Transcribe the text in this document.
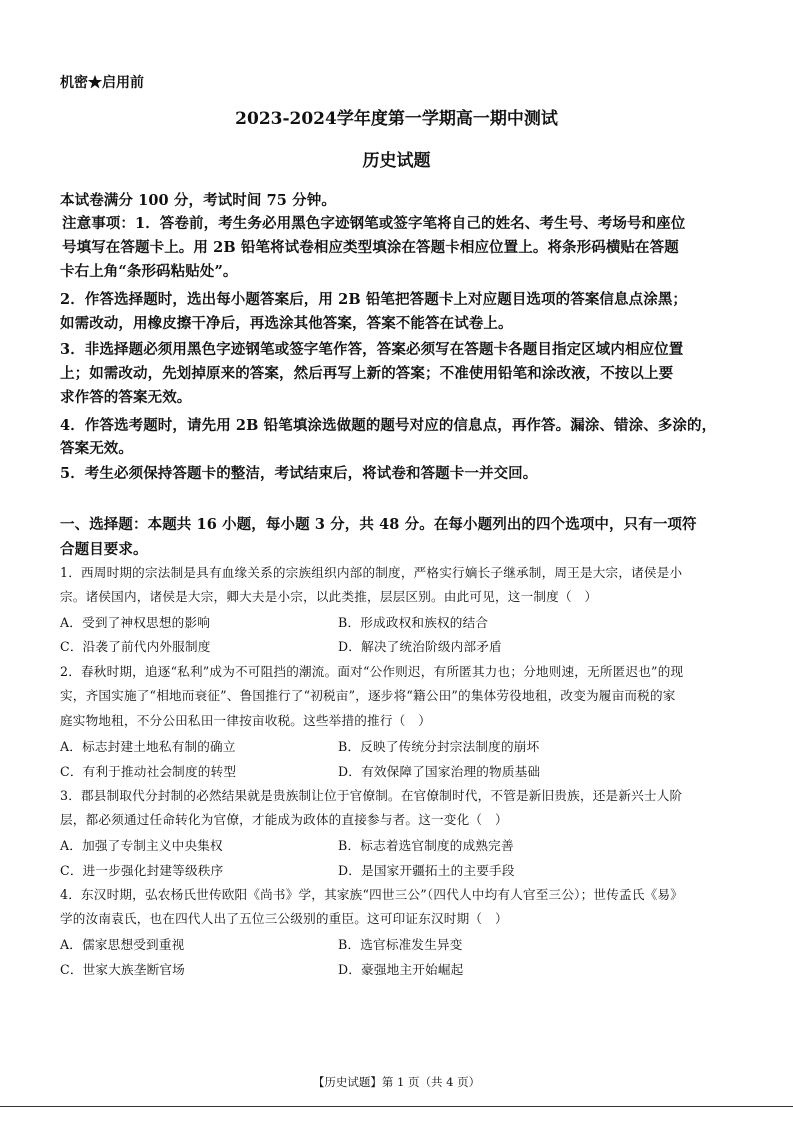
机密★启用前
2023-2024学年度第一学期高一期中测试
历史试题
本试卷满分 100 分，考试时间 75 分钟。
注意事项：1．答卷前，考生务必用黑色字迹钢笔或签字笔将自己的姓名、考生号、考场号和座位
号填写在答题卡上。用 2B 铅笔将试卷相应类型填涂在答题卡相应位置上。将条形码横贴在答题
卡右上角“条形码粘贴处”。
2．作答选择题时，选出每小题答案后，用 2B 铅笔把答题卡上对应题目选项的答案信息点涂黑；
如需改动，用橡皮擦干净后，再选涂其他答案，答案不能答在试卷上。
3．非选择题必须用黑色字迹钢笔或签字笔作答，答案必须写在答题卡各题目指定区域内相应位置
上；如需改动，先划掉原来的答案，然后再写上新的答案；不准使用铅笔和涂改液，不按以上要
求作答的答案无效。
4．作答选考题时，请先用 2B 铅笔填涂选做题的题号对应的信息点，再作答。漏涂、错涂、多涂的，
答案无效。
5．考生必须保持答题卡的整洁，考试结束后，将试卷和答题卡一并交回。
一、选择题：本题共 16 小题，每小题 3 分，共 48 分。在每小题列出的四个选项中，只有一项符
合题目要求。
1．西周时期的宗法制是具有血缘关系的宗族组织内部的制度，严格实行嫡长子继承制，周王是大宗，诸侯是小
宗。诸侯国内，诸侯是大宗，卿大夫是小宗，以此类推，层层区别。由此可见，这一制度（　）
A．受到了神权思想的影响	B．形成政权和族权的结合
C．沿袭了前代内外服制度	D．解决了统治阶级内部矛盾
2．春秋时期，追逐“私利”成为不可阻挡的潮流。面对“公作则迟，有所匿其力也；分地则速，无所匿迟也”的现
实，齐国实施了“相地而衰征”、鲁国推行了“初税亩”，逐步将“籍公田”的集体劳役地租，改变为履亩而税的家
庭实物地租，不分公田私田一律按亩收税。这些举措的推行（　）
A．标志封建土地私有制的确立	B．反映了传统分封宗法制度的崩坏
C．有利于推动社会制度的转型	D．有效保障了国家治理的物质基础
3．郡县制取代分封制的必然结果就是贵族制让位于官僚制。在官僚制时代，不管是新旧贵族，还是新兴士人阶
层，都必须通过任命转化为官僚，才能成为政体的直接参与者。这一变化（　）
A．加强了专制主义中央集权	B．标志着选官制度的成熟完善
C．进一步强化封建等级秩序	D．是国家开疆拓土的主要手段
4．东汉时期，弘农杨氏世传欧阳《尚书》学，其家族“四世三公”（四代人中均有人官至三公）；世传孟氏《易》
学的汝南袁氏，也在四代人出了五位三公级别的重臣。这可印证东汉时期（　）
A．儒家思想受到重视	B．选官标准发生异变
C．世家大族垄断官场	D．豪强地主开始崛起
【历史试题】第 1 页（共 4 页）
